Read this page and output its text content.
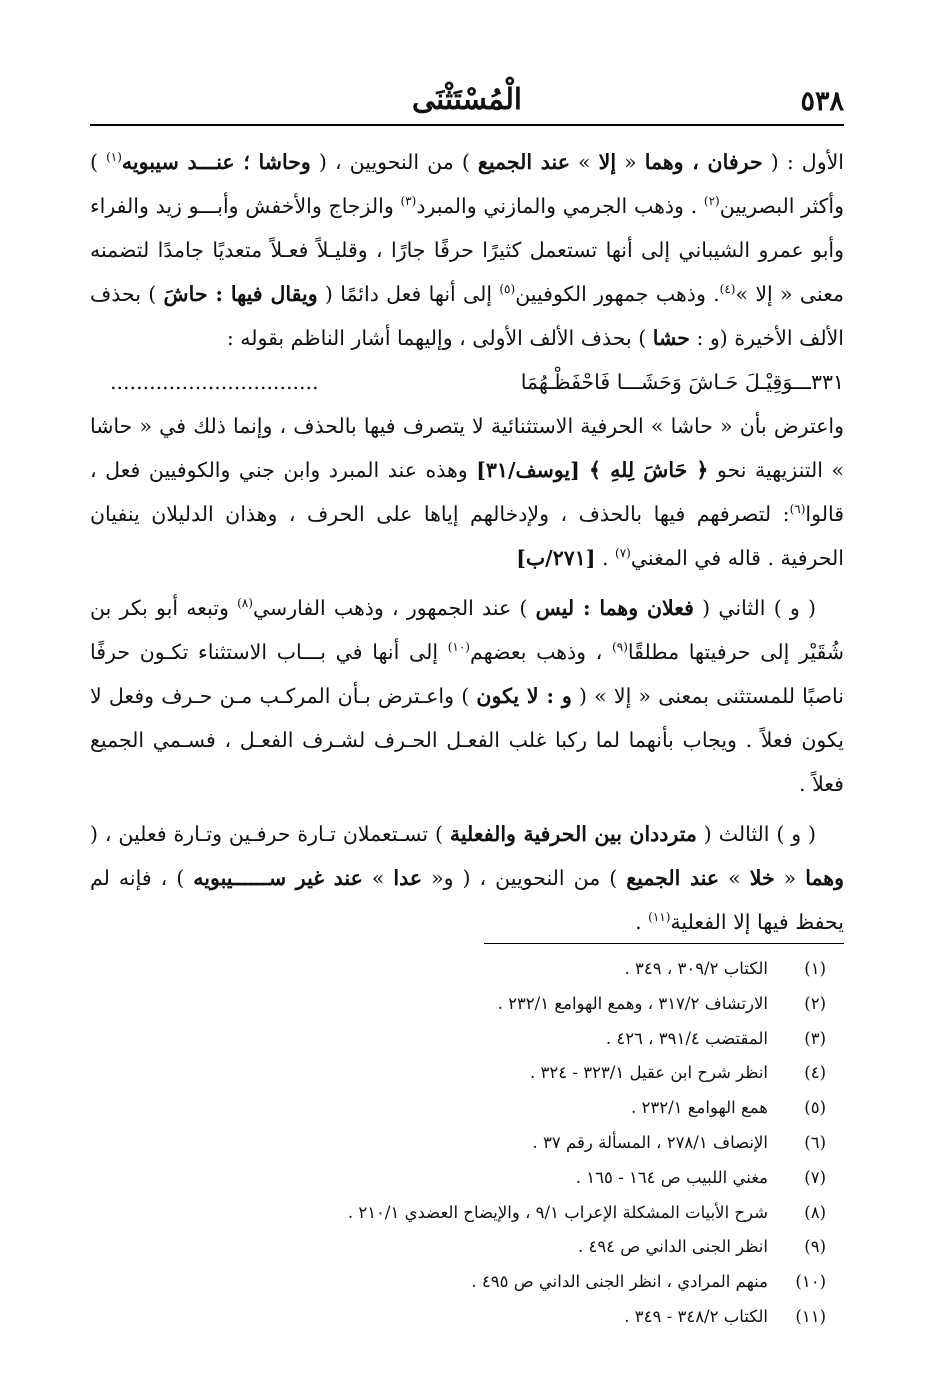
٥٣٨
الْمُسْتَثْنَى

الأول : ( حرفان ، وهما « إلا » عند الجميع ) من النحويين ، ( وحاشا ؛ عنـــد سيبويه$^{(١)}$ ) وأكثر البصريين$^{(٢)}$ . وذهب الجرمي والمازني والمبرد$^{(٣)}$ والزجاج والأخفش وأبـــو زيد والفراء وأبو عمرو الشيباني إلى أنها تستعمل كثيرًا حرفًا جارًا ، وقليـلاً فعـلاً متعديًا جامدًا لتضمنه معنى « إلا »$^{(٤)}$. وذهب جمهور الكوفيين$^{(٥)}$ إلى أنها فعل دائمًا ( ويقال فيها : حاشَ ) بحذف الألف الأخيرة (و : حشا ) بحذف الألف الأولى ، وإليهما أشار الناظم بقوله :

٣٣١ـــوَقِيْـلَ حَـاشَ وَحَشَـــا فَاحْفَظْـهُمَا
................................

واعترض بأن « حاشا » الحرفية الاستثنائية لا يتصرف فيها بالحذف ، وإنما ذلك في « حاشا » التنزيهية نحو ﴿ حَاشَ لِلهِ ﴾ [يوسف/٣١] وهذه عند المبرد وابن جني والكوفيين فعل ، قالوا$^{(٦)}$: لتصرفهم فيها بالحذف ، ولإدخالهم إياها على الحرف ، وهذان الدليلان ينفيان الحرفية . قاله في المغني$^{(٧)}$ . [٢٧١/ب]

( و ) الثاني ( فعلان وهما : ليس ) عند الجمهور ، وذهب الفارسي$^{(٨)}$ وتبعه أبو بكر بن شُقَيْر إلى حرفيتها مطلقًا$^{(٩)}$ ، وذهب بعضهم$^{(١٠)}$ إلى أنها في بـــاب الاستثناء تكـون حرفًا ناصبًا للمستثنى بمعنى « إلا » ( و : لا يكون ) واعـترض بـأن المركـب مـن حـرف وفعل لا يكون فعلاً . ويجاب بأنهما لما ركبا غلب الفعـل الحـرف لشـرف الفعـل ، فسـمي الجميع فعلاً .

( و ) الثالث ( مترددان بين الحرفية والفعلية ) تسـتعملان تـارة حرفـين وتـارة فعلين ، ( وهما « خلا » عند الجميع ) من النحويين ، ( و« عدا » عند غير ســــــيبويه ) ، فإنه لم يحفظ فيها إلا الفعلية$^{(١١)}$ .

(١)
الكتاب ٣٠٩/٢ ، ٣٤٩ .
(٢)
الارتشاف ٣١٧/٢ ، وهمع الهوامع ٢٣٢/١ .
(٣)
المقتضب ٣٩١/٤ ، ٤٢٦ .
(٤)
انظر شرح ابن عقيل ٣٢٣/١ - ٣٢٤ .
(٥)
همع الهوامع ٢٣٢/١ .
(٦)
الإنصاف ٢٧٨/١ ، المسألة رقم ٣٧ .
(٧)
مغني اللبيب ص ١٦٤ - ١٦٥ .
(٨)
شرح الأبيات المشكلة الإعراب ٩/١ ، والإيضاح العضدي ٢١٠/١ .
(٩)
انظر الجنى الداني ص ٤٩٤ .
(١٠)
منهم المرادي ، انظر الجنى الداني ص ٤٩٥ .
(١١)
الكتاب ٣٤٨/٢ - ٣٤٩ .
